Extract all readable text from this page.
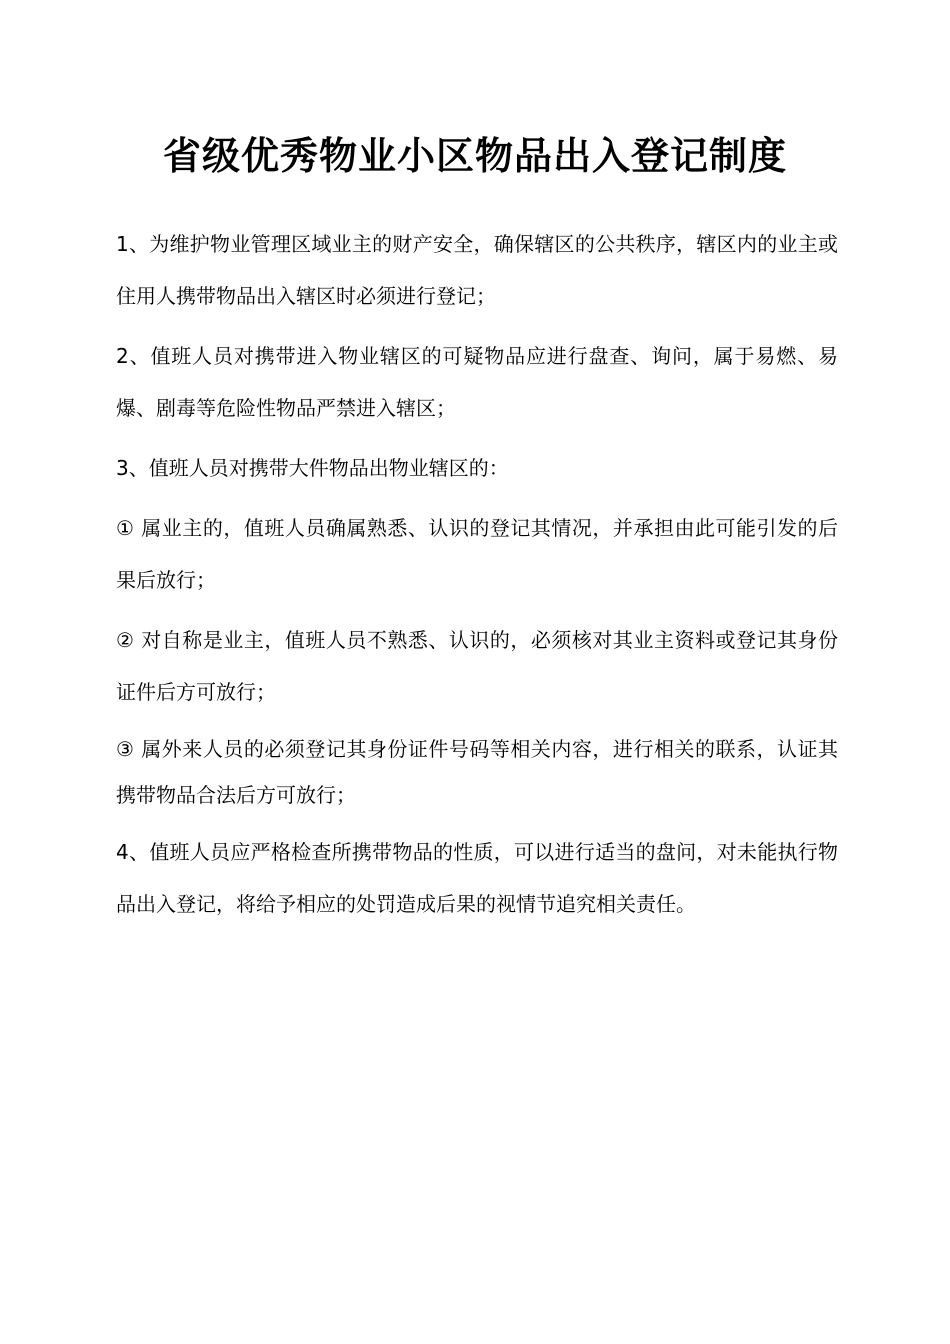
省级优秀物业小区物品出入登记制度

1、为维护物业管理区域业主的财产安全，确保辖区的公共秩序，辖区内的业主或住用人携带物品出入辖区时必须进行登记；

2、值班人员对携带进入物业辖区的可疑物品应进行盘查、询问，属于易燃、易爆、剧毒等危险性物品严禁进入辖区；

3、值班人员对携带大件物品出物业辖区的：

① 属业主的，值班人员确属熟悉、认识的登记其情况，并承担由此可能引发的后果后放行；

② 对自称是业主，值班人员不熟悉、认识的，必须核对其业主资料或登记其身份证件后方可放行；

③ 属外来人员的必须登记其身份证件号码等相关内容，进行相关的联系，认证其携带物品合法后方可放行；

4、值班人员应严格检查所携带物品的性质，可以进行适当的盘问，对未能执行物品出入登记，将给予相应的处罚造成后果的视情节追究相关责任。
